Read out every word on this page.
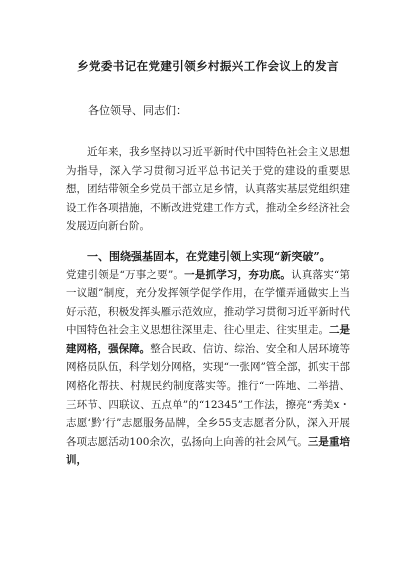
乡党委书记在党建引领乡村振兴工作会议上的发言
各位领导、同志们：

近年来，我乡坚持以习近平新时代中国特色社会主义思想为指导，深入学习贯彻习近平总书记关于党的建设的重要思想，团结带领全乡党员干部立足乡情，认真落实基层党组织建设工作各项措施，不断改进党建工作方式，推动全乡经济社会发展迈向新台阶。

一、围绕强基固本，在党建引领上实现“新突破”。

党建引领是“万事之要”。一是抓学习，夯功底。认真落实“第一议题”制度，充分发挥领学促学作用，在学懂弄通做实上当好示范，积极发挥头雁示范效应，推动学习贯彻习近平新时代中国特色社会主义思想往深里走、往心里走、往实里走。二是建网格，强保障。整合民政、信访、综治、安全和人居环境等网格员队伍，科学划分网格，实现“一张网”管全部，抓实干部网格化帮扶、村规民约制度落实等。推行“一阵地、二举措、三环节、四联议、五点单”的“12345”工作法，擦亮“秀美x・志愿‘黔’行”志愿服务品牌，全乡55支志愿者分队，深入开展各项志愿活动100余次，弘扬向上向善的社会风气。三是重培训，
